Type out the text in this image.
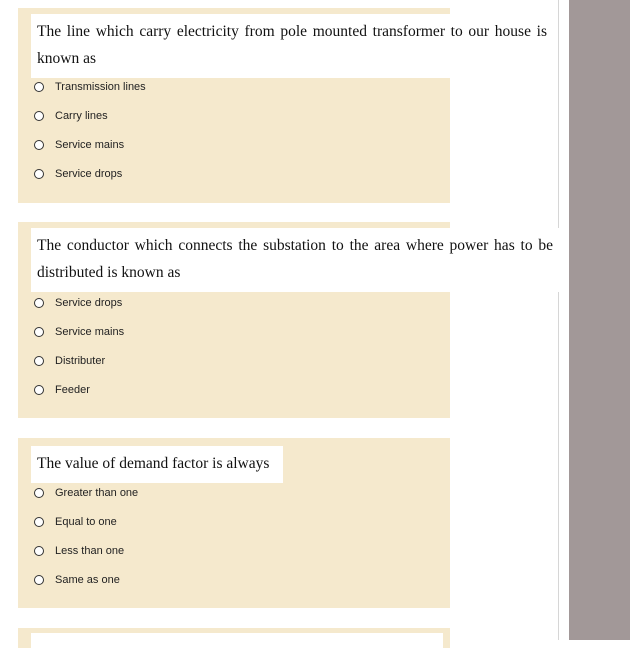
The line which carry electricity from pole mounted transformer to our house is known as
Transmission lines
Carry lines
Service mains
Service drops
The conductor which connects the substation to the area where power has to be distributed is known as
Service drops
Service mains
Distributer
Feeder
The value of demand factor is always
Greater than one
Equal to one
Less than one
Same as one
